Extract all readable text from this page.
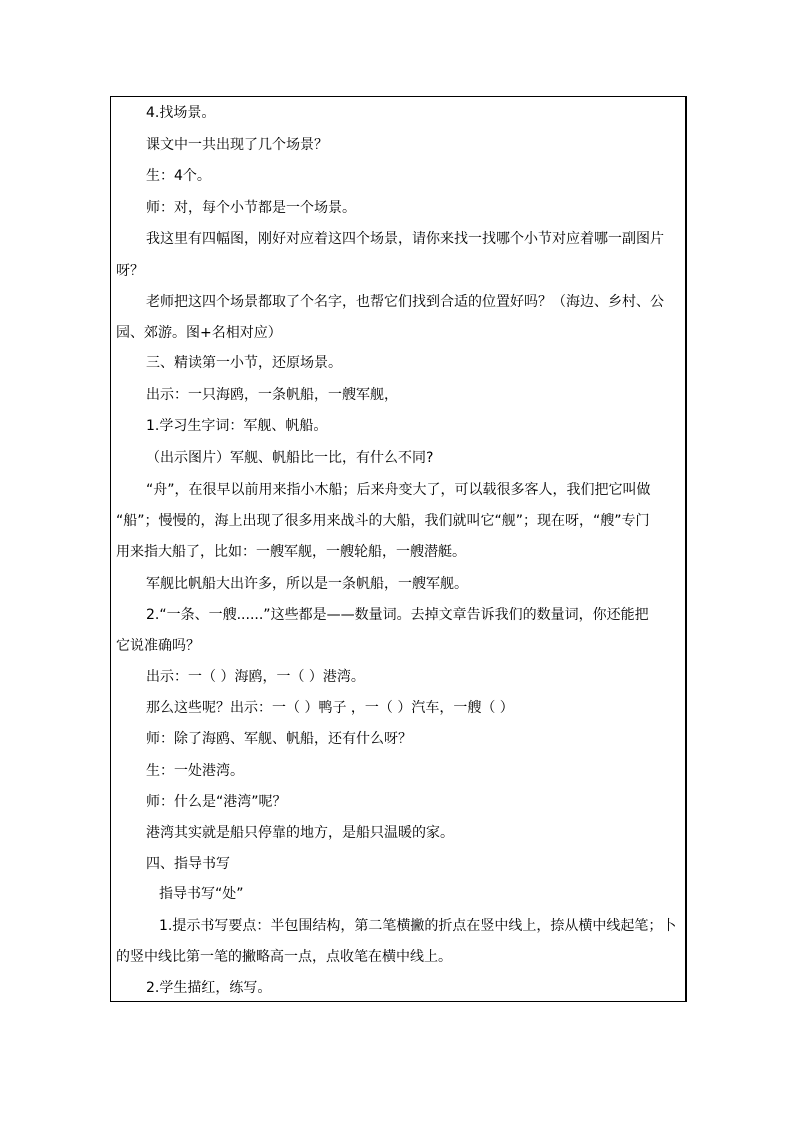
4.找场景。
课文中一共出现了几个场景？
生：4个。
师：对，每个小节都是一个场景。
我这里有四幅图，刚好对应着这四个场景，请你来找一找哪个小节对应着哪一副图片
呀？
老师把这四个场景都取了个名字，也帮它们找到合适的位置好吗？（海边、乡村、公
园、郊游。图+名相对应）
三、精读第一小节，还原场景。
出示：一只海鸥，一条帆船，一艘军舰，
1.学习生字词：军舰、帆船。
（出示图片）军舰、帆船比一比，有什么不同?
“舟”，在很早以前用来指小木船；后来舟变大了，可以载很多客人，我们把它叫做
“船”；慢慢的，海上出现了很多用来战斗的大船，我们就叫它“舰”；现在呀，“艘”专门
用来指大船了，比如：一艘军舰，一艘轮船，一艘潜艇。
军舰比帆船大出许多，所以是一条帆船，一艘军舰。
2.“一条、一艘......”这些都是——数量词。去掉文章告诉我们的数量词，你还能把
它说准确吗？
出示：一（ ）海鸥，一（ ）港湾。
那么这些呢？出示：一（ ）鸭子 ，一（ ）汽车，一艘（ ）
师：除了海鸥、军舰、帆船，还有什么呀？
生：一处港湾。
师：什么是“港湾”呢？
港湾其实就是船只停靠的地方，是船只温暖的家。
四、指导书写
指导书写“处”
1.提示书写要点：半包围结构，第二笔横撇的折点在竖中线上，捺从横中线起笔；卜
的竖中线比第一笔的撇略高一点，点收笔在横中线上。
2.学生描红，练写。
